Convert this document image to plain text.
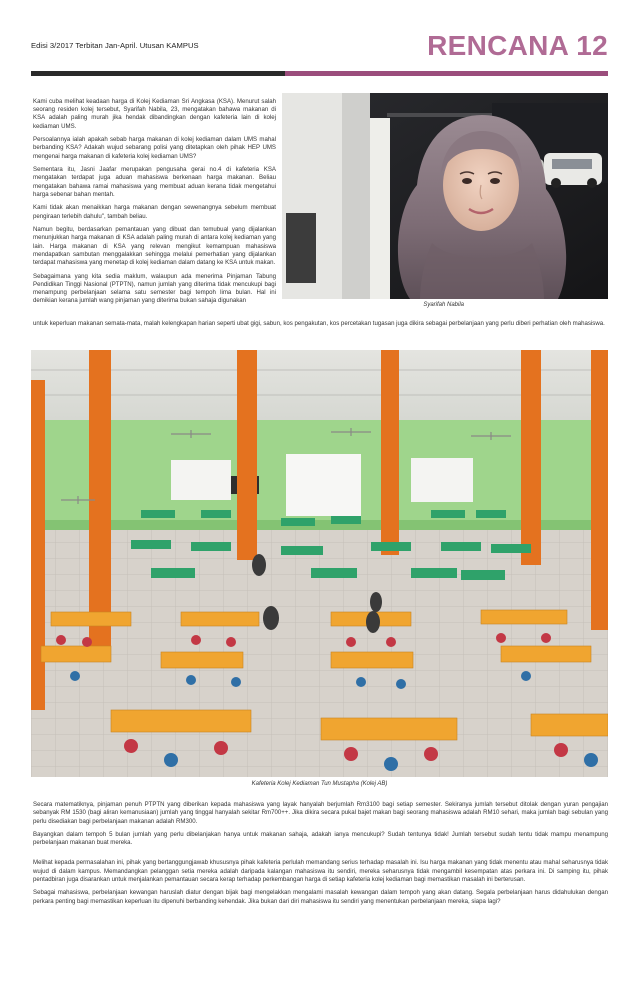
Edisi 3/2017 Terbitan Jan-April. Utusan KAMPUS	RENCANA 12

Kami cuba melihat keadaan harga di Kolej Kediaman Sri Angkasa (KSA). Menurut salah seorang residen kolej tersebut, Syarifah Nabila, 23, mengatakan bahawa makanan di KSA adalah paling murah jika hendak dibandingkan dengan kafeteria lain di kolej kediaman UMS.

Persoalannya ialah apakah sebab harga makanan di kolej kediaman dalam UMS mahal berbanding KSA? Adakah wujud sebarang polisi yang ditetapkan oleh pihak HEP UMS mengenai harga makanan di kafeteria kolej kediaman UMS?

Sementara itu, Jasni Jaafar merupakan pengusaha gerai no.4 di kafeteria KSA mengatakan terdapat juga aduan mahasiswa berkenaan harga makanan. Beliau mengatakan bahawa ramai mahasiswa yang membuat aduan kerana tidak mengetahui harga sebenar bahan mentah.

Kami tidak akan menaikkan harga makanan dengan sewenangnya sebelum membuat pengiraan terlebih dahulu", tambah beliau.

Namun begitu, berdasarkan pemantauan yang dibuat dan temubual yang dijalankan menunjukkan harga makanan di KSA adalah paling murah di antara kolej kediaman yang lain. Harga makanan di KSA yang relevan mengikut kemampuan mahasiswa mendapatkan sambutan menggalakkan sehingga melalui pemerhatian yang dijalankan terdapat mahasiswa yang menetap di kolej kediaman dalam datang ke KSA untuk makan.

Sebagaimana yang kita sedia maklum, walaupun ada menerima Pinjaman Tabung Pendidikan Tinggi Nasional (PTPTN), namun jumlah yang diterima tidak mencukupi bagi menampung perbelanjaan selama satu semester bagi tempoh lima bulan. Hal ini demikian kerana jumlah wang pinjaman yang diterima bukan sahaja digunakan

Syarifah Nabila
untuk keperluan makanan semata-mata, malah kelengkapan harian seperti ubat gigi, sabun, kos pengakutan, kos percetakan tugasan juga dikira sebagai perbelanjaan yang perlu diberi perhatian oleh mahasiswa.
Kafeteria Kolej Kediaman Tun Mustapha (Kolej AB)

Secara matematiknya, pinjaman penuh PTPTN yang diberikan kepada mahasiswa yang layak hanyalah berjumlah Rm3100 bagi setiap semester. Sekiranya jumlah tersebut ditolak dengan yuran pengajian sebanyak RM 1530 (bagi aliran kemanusiaan) jumlah yang tinggal hanyalah sekitar Rm700++. Jika dikira secara pukal bajet makan bagi seorang mahasiswa adalah RM10 sehari, maka jumlah bagi sebulan yang perlu disediakan bagi perbelanjaan makanan adalah RM300.

Bayangkan dalam tempoh 5 bulan jumlah yang perlu dibelanjakan hanya untuk makanan sahaja, adakah ianya mencukupi? Sudah tentunya tidak! Jumlah tersebut sudah tentu tidak mampu menampung perbelanjaan makanan buat mereka.

Melihat kepada permasalahan ini, pihak yang bertanggungjawab khususnya pihak kafeteria perlulah memandang serius terhadap masalah ini. Isu harga makanan yang tidak menentu atau mahal seharusnya tidak wujud di dalam kampus. Memandangkan pelanggan setia mereka adalah daripada kalangan mahasiswa itu sendiri, mereka seharusnya tidak mengambil kesempatan atas perkara ini. Di samping itu, pihak pentadbiran juga disarankan untuk menjalankan pemantauan secara kerap terhadap perkembangan harga di setiap kafeteria kolej kediaman bagi memastikan masalah ini berterusan.

Sebagai mahasiswa, perbelanjaan kewangan haruslah diatur dengan bijak bagi mengelakkan mengalami masalah kewangan dalam tempoh yang akan datang. Segala perbelanjaan harus didahulukan dengan perkara penting bagi memastikan keperluan itu dipenuhi berbanding kehendak. Jika bukan dari diri mahasiswa itu sendiri yang menentukan perbelanjaan mereka, siapa lagi?
